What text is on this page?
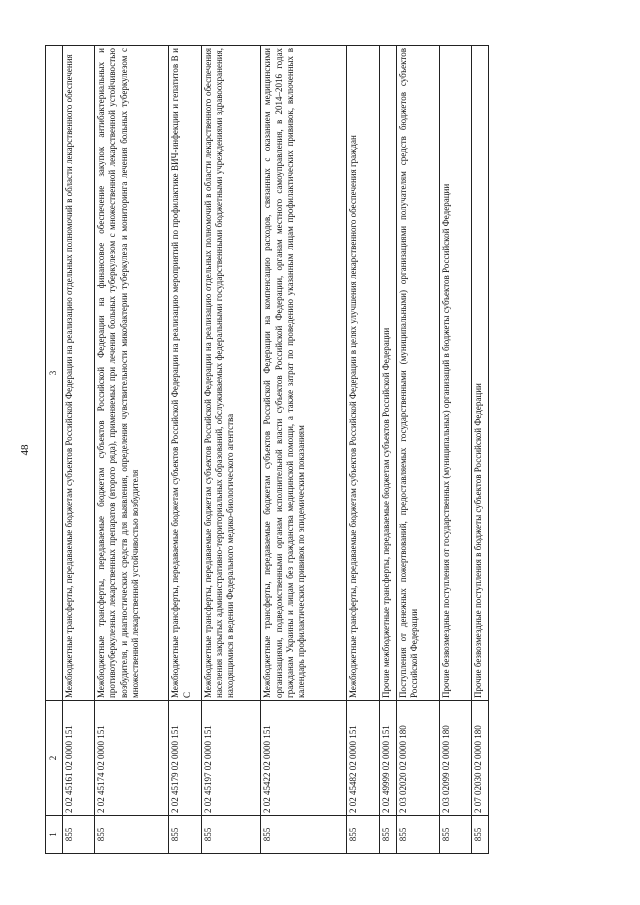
48
1	2	3
855	2 02 45161 02 0000 151	Межбюджетные трансферты, передаваемые бюджетам субъектов Российской Федерации на реализацию отдельных полномочий в области лекарственного обеспечения
855	2 02 45174 02 0000 151	Межбюджетные трансферты, передаваемые бюджетам субъектов Российской Федерации на финансовое обеспечение закупок антибактериальных и противотуберкулезных лекарственных препаратов (второго ряда), применяемых при лечении больных туберкулезом с множественной лекарственной устойчивостью возбудителя, и диагностических средств для выявления, определения чувствительности микобактерии туберкулеза и мониторинга лечения больных туберкулезом с множественной лекарственной устойчивостью возбудителя
855	2 02 45179 02 0000 151	Межбюджетные трансферты, передаваемые бюджетам субъектов Российской Федерации на реализацию мероприятий по профилактике ВИЧ-инфекции и гепатитов B и C
855	2 02 45197 02 0000 151	Межбюджетные трансферты, передаваемые бюджетам субъектов Российской Федерации на реализацию отдельных полномочий в области лекарственного обеспечения населения закрытых административно-территориальных образований, обслуживаемых федеральными государственными бюджетными учреждениями здравоохранения, находящимися в ведении Федерального медико-биологического агентства
855	2 02 45422 02 0000 151	Межбюджетные трансферты, передаваемые бюджетам субъектов Российской Федерации на компенсацию расходов, связанных с оказанием медицинскими организациями, подведомственными органам исполнительной власти субъектов Российской Федерации, органам местного самоуправления, в 2014–2016 годах гражданам Украины и лицам без гражданства медицинской помощи, а также затрат по проведению указанным лицам профилактических прививок, включенных в календарь профилактических прививок по эпидемическим показаниям
855	2 02 45482 02 0000 151	Межбюджетные трансферты, передаваемые бюджетам субъектов Российской Федерации в целях улучшения лекарственного обеспечения граждан
855	2 02 49999 02 0000 151	Прочие межбюджетные трансферты, передаваемые бюджетам субъектов Российской Федерации
855	2 03 02020 02 0000 180	Поступления от денежных пожертвований, предоставляемых государственными (муниципальными) организациями получателям средств бюджетов субъектов Российской Федерации
855	2 03 02099 02 0000 180	Прочие безвозмездные поступления от государственных (муниципальных) организаций в бюджеты субъектов Российской Федерации
855	2 07 02030 02 0000 180	Прочие безвозмездные поступления в бюджеты субъектов Российской Федерации
